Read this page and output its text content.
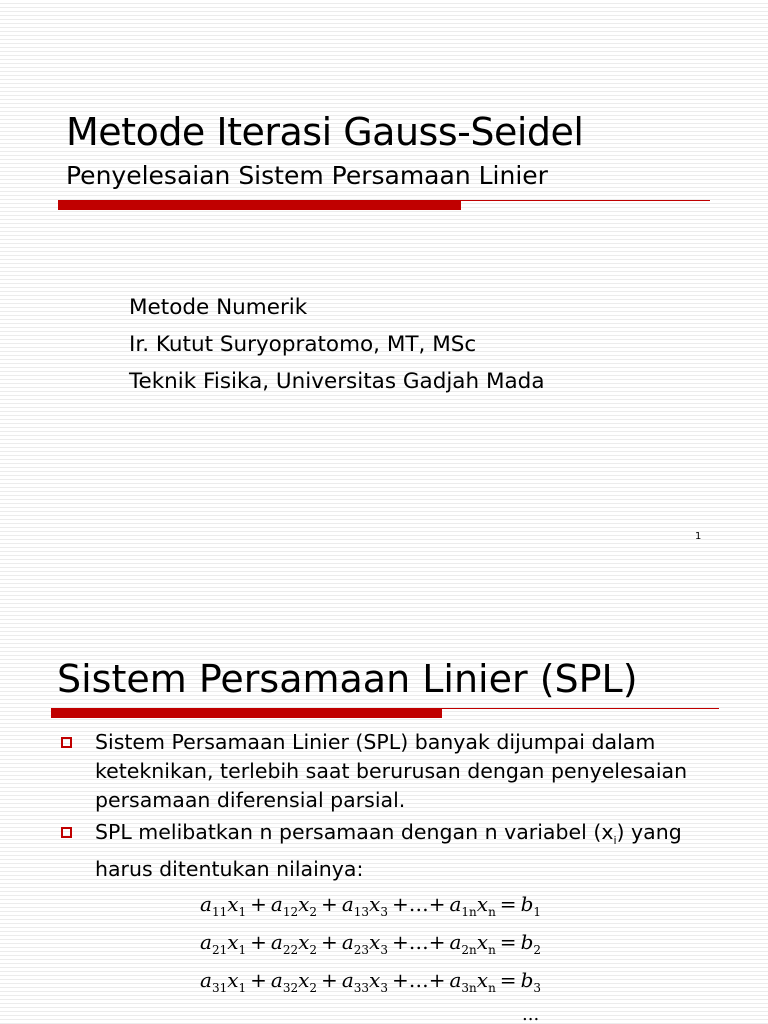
Metode Iterasi Gauss-Seidel
Penyelesaian Sistem Persamaan Linier
Metode Numerik
Ir. Kutut Suryopratomo, MT, MSc
Teknik Fisika, Universitas Gadjah Mada
1
Sistem Persamaan Linier (SPL)
Sistem Persamaan Linier (SPL) banyak dijumpai dalam keteknikan, terlebih saat berurusan dengan penyelesaian persamaan diferensial parsial.
SPL melibatkan n persamaan dengan n variabel $(x_i)$ yang harus ditentukan nilainya:
$a_{11}x_1 + a_{12}x_2 + a_{13}x_3$ +…+ $a_{1n}x_n = b_1$
$a_{21}x_1 + a_{22}x_2 + a_{23}x_3$ +…+ $a_{2n}x_n = b_2$
$a_{31}x_1 + a_{32}x_2 + a_{33}x_3$ +…+ $a_{3n}x_n = b_3$
...
